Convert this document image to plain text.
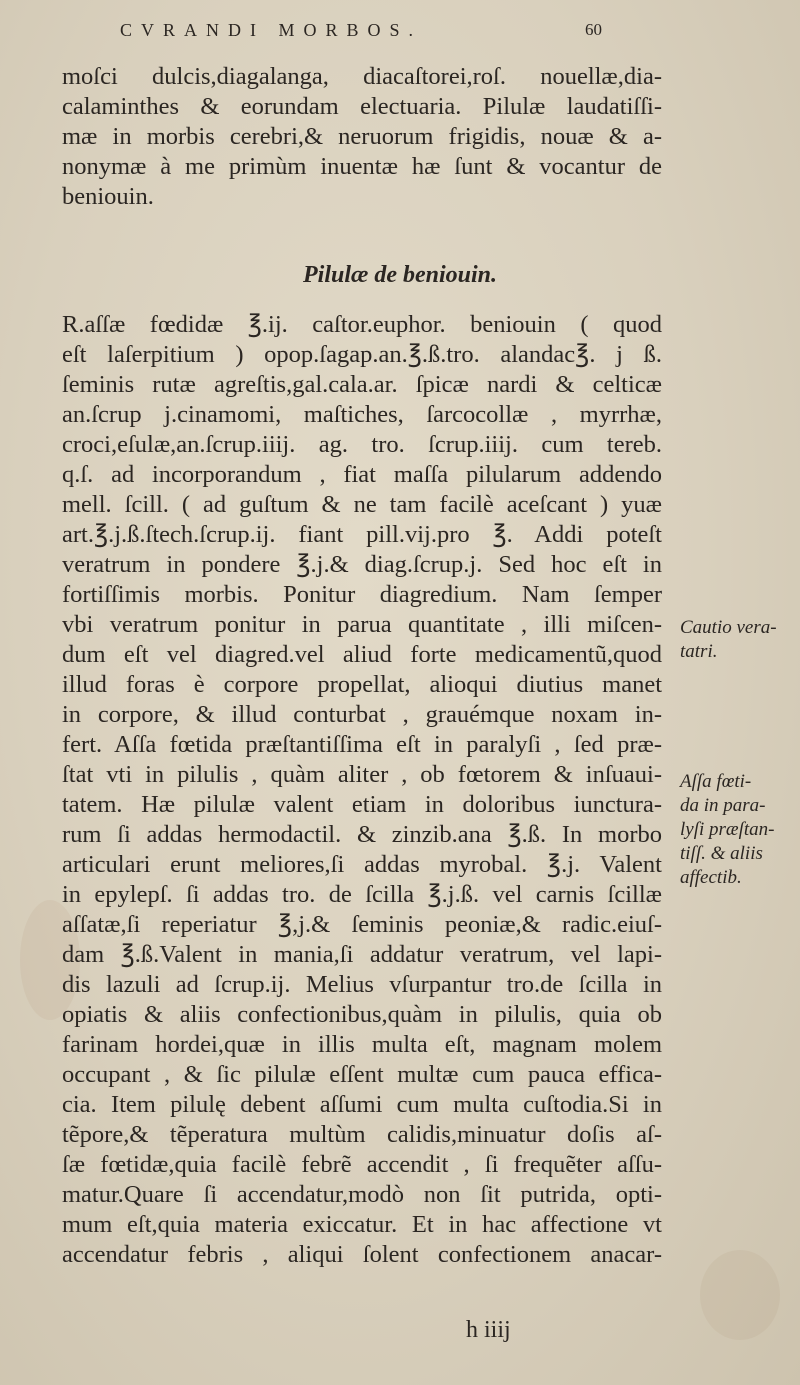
CVRANDI MORBOS.	60
moſci dulcis,diagalanga, diacaſtorei,roſ. nouellæ,dia-
calaminthes & eorundam electuaria. Pilulæ laudatiſſi-
mæ in morbis cerebri,& neruorum frigidis, nouæ & a-
nonymæ à me primùm inuentæ hæ ſunt & vocantur de
beniouin.
Pilulæ de beniouin.
R.aſſæ fœdidæ ℥.ij. caſtor.euphor. beniouin ( quod
eſt laſerpitium ) opop.ſagap.an.℥.ß.tro. alandac℥. j ß.
ſeminis rutæ agreſtis,gal.cala.ar. ſpicæ nardi & celticæ
an.ſcrup j.cinamomi, maſtiches, ſarcocollæ , myrrhæ,
croci,eſulæ,an.ſcrup.iiij. ag. tro. ſcrup.iiij. cum tereb.
q.ſ. ad incorporandum , fiat maſſa pilularum addendo
mell. ſcill. ( ad guſtum & ne tam facilè aceſcant ) yuæ
art.℥.j.ß.ſtech.ſcrup.ij. fiant pill.vij.pro ℥. Addi poteſt
veratrum in pondere ℥.j.& diag.ſcrup.j. Sed hoc eſt in
fortiſſimis morbis. Ponitur diagredium. Nam ſemper
vbi veratrum ponitur in parua quantitate , illi miſcen-
dum eſt vel diagred.vel aliud forte medicamentũ,quod
illud foras è corpore propellat, alioqui diutius manet
in corpore, & illud conturbat , grauémque noxam in-
fert. Aſſa fœtida præſtantiſſima eſt in paralyſi , ſed præ-
ſtat vti in pilulis , quàm aliter , ob fœtorem & inſuaui-
tatem. Hæ pilulæ valent etiam in doloribus iunctura-
rum ſi addas hermodactil. & zinzib.ana ℥.ß. In morbo
articulari erunt meliores,ſi addas myrobal. ℥.j. Valent
in epylepſ. ſi addas tro. de ſcilla ℥.j.ß. vel carnis ſcillæ
aſſatæ,ſi reperiatur ℥,j.& ſeminis peoniæ,& radic.eiuſ-
dam ℥.ß.Valent in mania,ſi addatur veratrum, vel lapi-
dis lazuli ad ſcrup.ij. Melius vſurpantur tro.de ſcilla in
opiatis & aliis confectionibus,quàm in pilulis, quia ob
farinam hordei,quæ in illis multa eſt, magnam molem
occupant , & ſic pilulæ eſſent multæ cum pauca effica-
cia. Item pilulę debent aſſumi cum multa cuſtodia.Si in
tẽpore,& tẽperatura multùm calidis,minuatur doſis aſ-
ſæ fœtidæ,quia facilè febrẽ accendit , ſi frequẽter aſſu-
matur.Quare ſi accendatur,modò non ſit putrida, opti-
mum eſt,quia materia exiccatur. Et in hac affectione vt
accendatur febris , aliqui ſolent confectionem anacar-
Cautio vera-
tatri.
Aſſa fœti-
da in para-
lyſi præſtan-
tiſſ. & aliis
affectib.
h iiij
